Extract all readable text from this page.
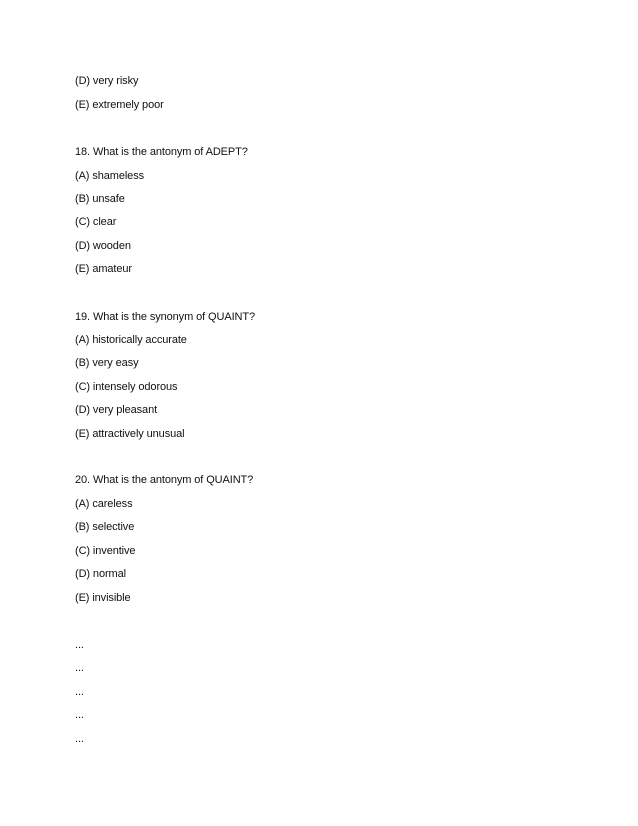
(D) very risky
(E) extremely poor
18. What is the antonym of ADEPT?
(A) shameless
(B) unsafe
(C) clear
(D) wooden
(E) amateur
19. What is the synonym of QUAINT?
(A) historically accurate
(B) very easy
(C) intensely odorous
(D) very pleasant
(E) attractively unusual
20. What is the antonym of QUAINT?
(A) careless
(B) selective
(C) inventive
(D) normal
(E) invisible
...
...
...
...
...
